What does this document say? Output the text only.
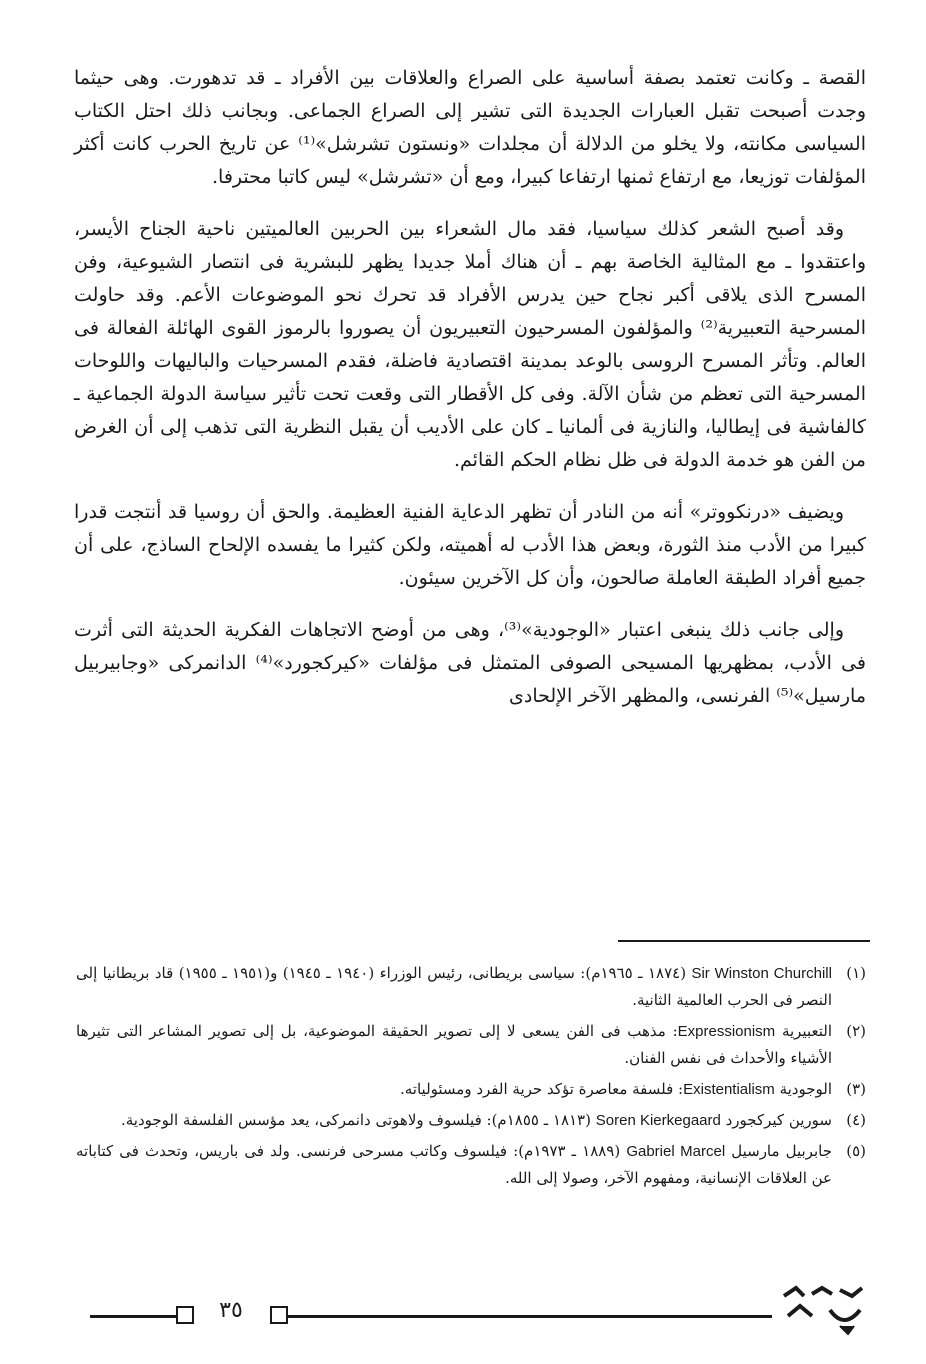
القصة ـ وكانت تعتمد بصفة أساسية على الصراع والعلاقات بين الأفراد ـ قد تدهورت. وهى حيثما وجدت أصبحت تقبل العبارات الجديدة التى تشير إلى الصراع الجماعى. وبجانب ذلك احتل الكتاب السياسى مكانته، ولا يخلو من الدلالة أن مجلدات «ونستون تشرشل»⁽¹⁾ عن تاريخ الحرب كانت أكثر المؤلفات توزيعا، مع ارتفاع ثمنها ارتفاعا كبيرا، ومع أن «تشرشل» ليس كاتبا محترفا.

وقد أصبح الشعر كذلك سياسيا، فقد مال الشعراء بين الحربين العالميتين ناحية الجناح الأيسر، واعتقدوا ـ مع المثالية الخاصة بهم ـ أن هناك أملا جديدا يظهر للبشرية فى انتصار الشيوعية، وفن المسرح الذى يلاقى أكبر نجاح حين يدرس الأفراد قد تحرك نحو الموضوعات الأعم. وقد حاولت المسرحية التعبيرية⁽²⁾ والمؤلفون المسرحيون التعبيريون أن يصوروا بالرموز القوى الهائلة الفعالة فى العالم. وتأثر المسرح الروسى بالوعد بمدينة اقتصادية فاضلة، فقدم المسرحيات والباليهات واللوحات المسرحية التى تعظم من شأن الآلة. وفى كل الأقطار التى وقعت تحت تأثير سياسة الدولة الجماعية ـ كالفاشية فى إيطاليا، والنازية فى ألمانيا ـ كان على الأديب أن يقبل النظرية التى تذهب إلى أن الغرض من الفن هو خدمة الدولة فى ظل نظام الحكم القائم.

ويضيف «درنكووتر» أنه من النادر أن تظهر الدعاية الفنية العظيمة. والحق أن روسيا قد أنتجت قدرا كبيرا من الأدب منذ الثورة، وبعض هذا الأدب له أهميته، ولكن كثيرا ما يفسده الإلحاح الساذج، على أن جميع أفراد الطبقة العاملة صالحون، وأن كل الآخرين سيئون.

وإلى جانب ذلك ينبغى اعتبار «الوجودية»⁽³⁾، وهى من أوضح الاتجاهات الفكرية الحديثة التى أثرت فى الأدب، بمظهريها المسيحى الصوفى المتمثل فى مؤلفات «كيركجورد»⁽⁴⁾ الدانمركى «وجابيربيل مارسيل»⁽⁵⁾ الفرنسى، والمظهر الآخر الإلحادى

(١)
Sir Winston Churchill (١٨٧٤ ـ ١٩٦٥م): سياسى بريطانى، رئيس الوزراء (١٩٤٠ ـ ١٩٤٥) و(١٩٥١ ـ ١٩٥٥) قاد بريطانيا إلى النصر فى الحرب العالمية الثانية.
(٢)
التعبيرية Expressionism: مذهب فى الفن يسعى لا إلى تصوير الحقيقة الموضوعية، بل إلى تصوير المشاعر التى تثيرها الأشياء والأحداث فى نفس الفنان.
(٣)
الوجودية Existentialism: فلسفة معاصرة تؤكد حرية الفرد ومسئولياته.
(٤)
سورين كيركجورد Soren Kierkegaard (١٨١٣ ـ ١٨٥٥م): فيلسوف ولاهوتى دانمركى، يعد مؤسس الفلسفة الوجودية.
(٥)
جابربيل مارسيل Gabriel Marcel (١٨٨٩ ـ ١٩٧٣م): فيلسوف وكاتب مسرحى فرنسى. ولد فى باريس، وتحدث فى كتاباته عن العلاقات الإنسانية، ومفهوم الآخر، وصولا إلى الله.
٣٥
